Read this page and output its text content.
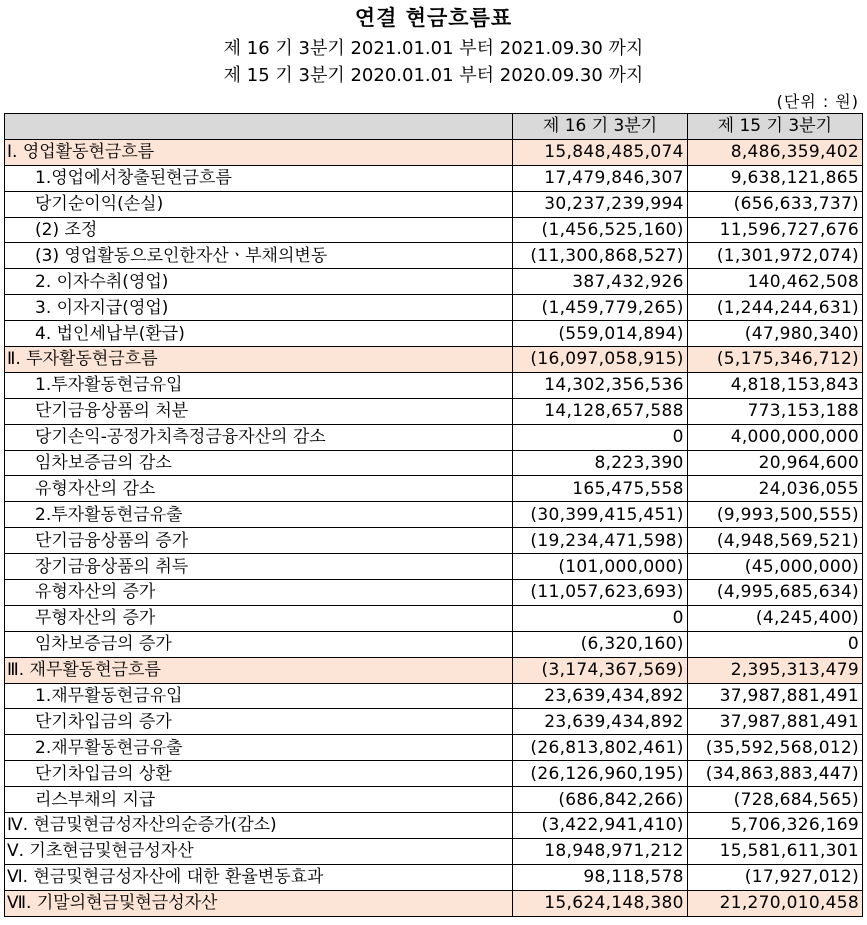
연결 현금흐름표
제 16 기 3분기 2021.01.01 부터 2021.09.30 까지
제 15 기 3분기 2020.01.01 부터 2020.09.30 까지
(단위 : 원)
	제 16 기 3분기	제 15 기 3분기
Ⅰ. 영업활동현금흐름	15,848,485,074	8,486,359,402
1.영업에서창출된현금흐름	17,479,846,307	9,638,121,865
당기순이익(손실)	30,237,239,994	(656,633,737)
(2) 조정	(1,456,525,160)	11,596,727,676
(3) 영업활동으로인한자산ㆍ부채의변동	(11,300,868,527)	(1,301,972,074)
2. 이자수취(영업)	387,432,926	140,462,508
3. 이자지급(영업)	(1,459,779,265)	(1,244,244,631)
4. 법인세납부(환급)	(559,014,894)	(47,980,340)
Ⅱ. 투자활동현금흐름	(16,097,058,915)	(5,175,346,712)
1.투자활동현금유입	14,302,356,536	4,818,153,843
단기금융상품의 처분	14,128,657,588	773,153,188
당기손익-공정가치측정금융자산의 감소	0	4,000,000,000
임차보증금의 감소	8,223,390	20,964,600
유형자산의 감소	165,475,558	24,036,055
2.투자활동현금유출	(30,399,415,451)	(9,993,500,555)
단기금융상품의 증가	(19,234,471,598)	(4,948,569,521)
장기금융상품의 취득	(101,000,000)	(45,000,000)
유형자산의 증가	(11,057,623,693)	(4,995,685,634)
무형자산의 증가	0	(4,245,400)
임차보증금의 증가	(6,320,160)	0
Ⅲ. 재무활동현금흐름	(3,174,367,569)	2,395,313,479
1.재무활동현금유입	23,639,434,892	37,987,881,491
단기차입금의 증가	23,639,434,892	37,987,881,491
2.재무활동현금유출	(26,813,802,461)	(35,592,568,012)
단기차입금의 상환	(26,126,960,195)	(34,863,883,447)
리스부채의 지급	(686,842,266)	(728,684,565)
Ⅳ. 현금및현금성자산의순증가(감소)	(3,422,941,410)	5,706,326,169
Ⅴ. 기초현금및현금성자산	18,948,971,212	15,581,611,301
Ⅵ. 현금및현금성자산에 대한 환율변동효과	98,118,578	(17,927,012)
Ⅶ. 기말의현금및현금성자산	15,624,148,380	21,270,010,458
